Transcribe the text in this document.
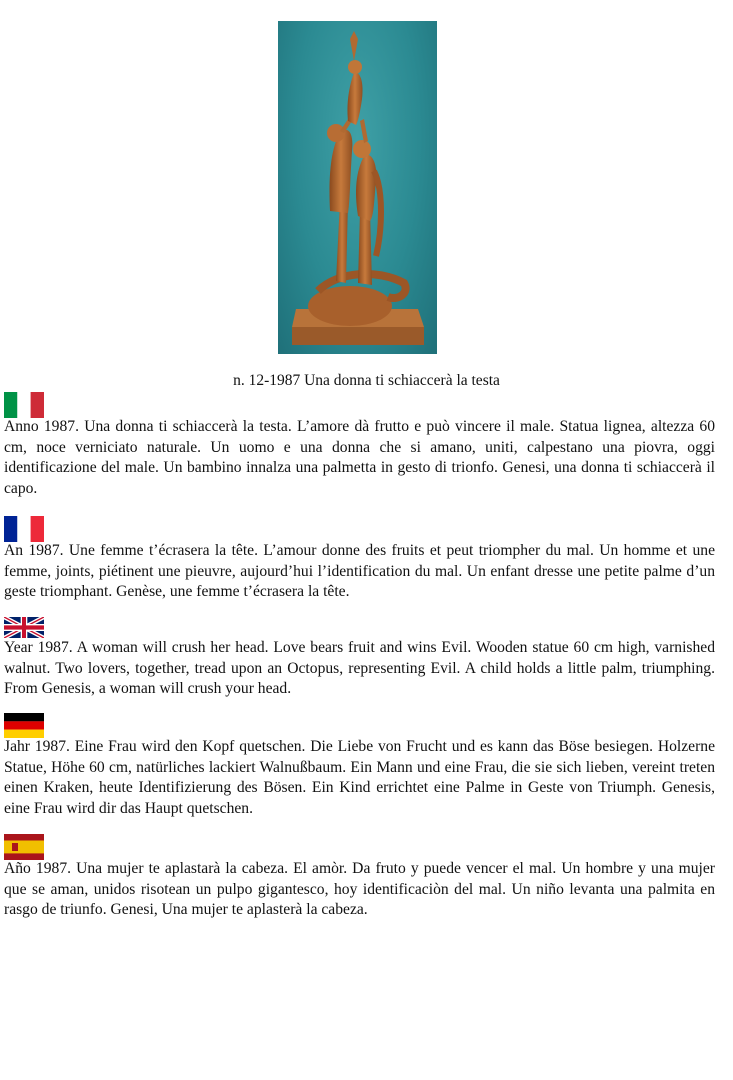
n. 12-1987 Una donna ti schiaccerà la testa

Anno 1987. Una donna ti schiaccerà la testa. L’amore dà frutto e può vincere il male. Statua lignea, altezza 60 cm, noce verniciato naturale. Un uomo e una donna che si amano, uniti, calpestano una piovra, oggi identificazione del male. Un bambino innalza una palmetta in gesto di trionfo. Genesi, una donna ti schiaccerà il capo.

An 1987. Une femme t’écrasera la tête. L’amour donne des fruits et peut triompher du mal. Un homme et une femme, joints, piétinent une pieuvre, aujourd’hui l’identification du mal. Un enfant dresse une petite palme d’un geste triomphant. Genèse, une femme t’écrasera la tête.

Year 1987. A woman will crush her head. Love bears fruit and wins Evil. Wooden statue 60 cm high, varnished walnut. Two lovers, together, tread upon an Octopus, representing Evil. A child holds a little palm, triumphing. From Genesis, a woman will crush your head.

Jahr 1987. Eine Frau wird den Kopf quetschen. Die Liebe von Frucht und es kann das Böse besiegen. Holzerne Statue, Höhe 60 cm, natürliches lackiert Walnußbaum. Ein Mann und eine Frau, die sie sich lieben, vereint treten einen Kraken, heute Identifizierung des Bösen. Ein Kind errichtet eine Palme in Geste von Triumph. Genesis, eine Frau wird dir das Haupt quetschen.

Año 1987. Una mujer te aplastarà la cabeza. El amòr. Da fruto y puede vencer el mal. Un hombre y una mujer que se aman, unidos risotean un pulpo gigantesco, hoy identificaciòn del mal. Un niño levanta una palmita en rasgo de triunfo. Genesi, Una mujer te aplasterà la cabeza.
